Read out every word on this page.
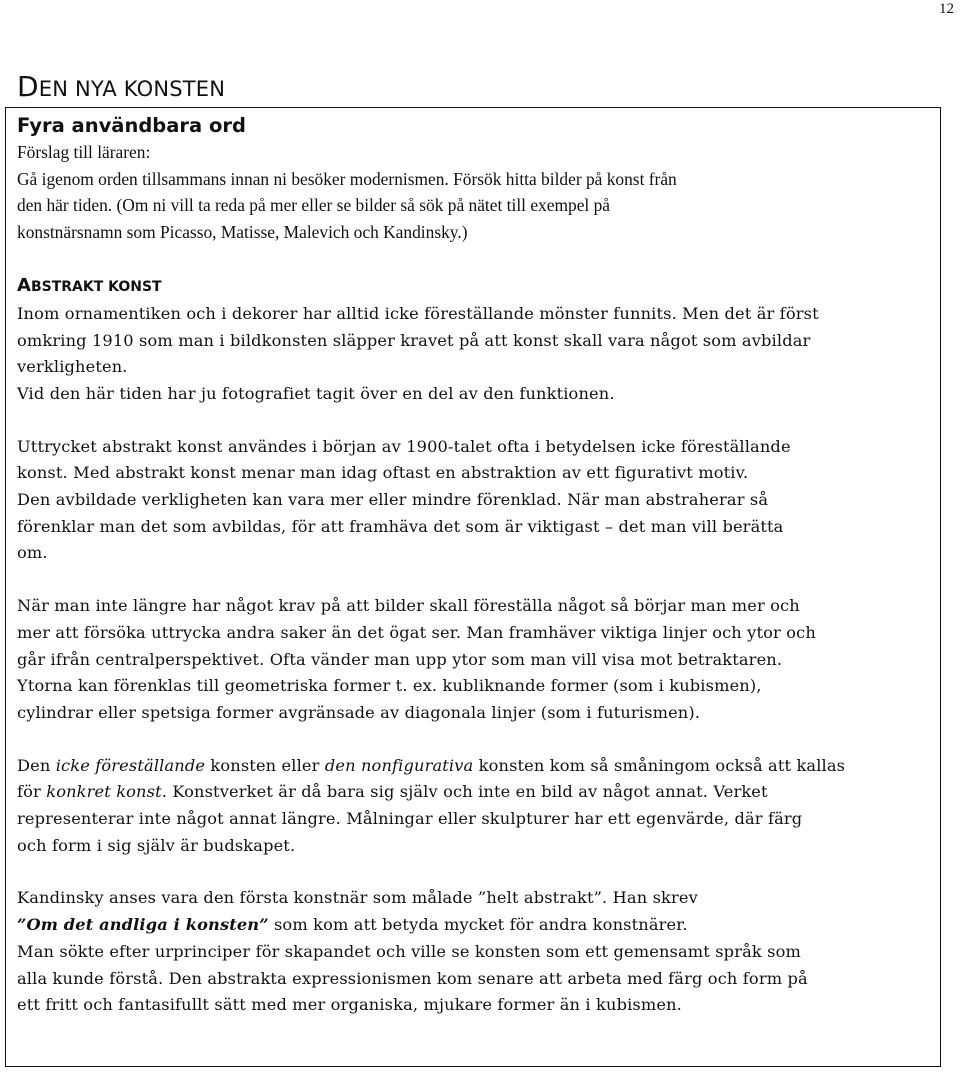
12
DEN NYA KONSTEN
Fyra användbara ord

Förslag till läraren:

Gå igenom orden tillsammans innan ni besöker modernismen. Försök hitta bilder på konst från

den här tiden. (Om ni vill ta reda på mer eller se bilder så sök på nätet till exempel på

konstnärsnamn som Picasso, Matisse, Malevich och Kandinsky.)

ABSTRAKT KONST

Inom ornamentiken och i dekorer har alltid icke föreställande mönster funnits. Men det är först

omkring 1910 som man i bildkonsten släpper kravet på att konst skall vara något som avbildar

verkligheten.

Vid den här tiden har ju fotografiet tagit över en del av den funktionen.

Uttrycket abstrakt konst användes i början av 1900-talet ofta i betydelsen icke föreställande

konst. Med abstrakt konst menar man idag oftast en abstraktion av ett figurativt motiv.

Den avbildade verkligheten kan vara mer eller mindre förenklad. När man abstraherar så

förenklar man det som avbildas, för att framhäva det som är viktigast – det man vill berätta

om.

När man inte längre har något krav på att bilder skall föreställa något så börjar man mer och

mer att försöka uttrycka andra saker än det ögat ser. Man framhäver viktiga linjer och ytor och

går ifrån centralperspektivet. Ofta vänder man upp ytor som man vill visa mot betraktaren.

Ytorna kan förenklas till geometriska former t. ex. kubliknande former (som i kubismen),

cylindrar eller spetsiga former avgränsade av diagonala linjer (som i futurismen).

Den icke föreställande konsten eller den nonfigurativa konsten kom så småningom också att kallas

för konkret konst. Konstverket är då bara sig själv och inte en bild av något annat. Verket

representerar inte något annat längre. Målningar eller skulpturer har ett egenvärde, där färg

och form i sig själv är budskapet.

Kandinsky anses vara den första konstnär som målade ”helt abstrakt”. Han skrev

”Om det andliga i konsten” som kom att betyda mycket för andra konstnärer.

Man sökte efter urprinciper för skapandet och ville se konsten som ett gemensamt språk som

alla kunde förstå. Den abstrakta expressionismen kom senare att arbeta med färg och form på

ett fritt och fantasifullt sätt med mer organiska, mjukare former än i kubismen.
